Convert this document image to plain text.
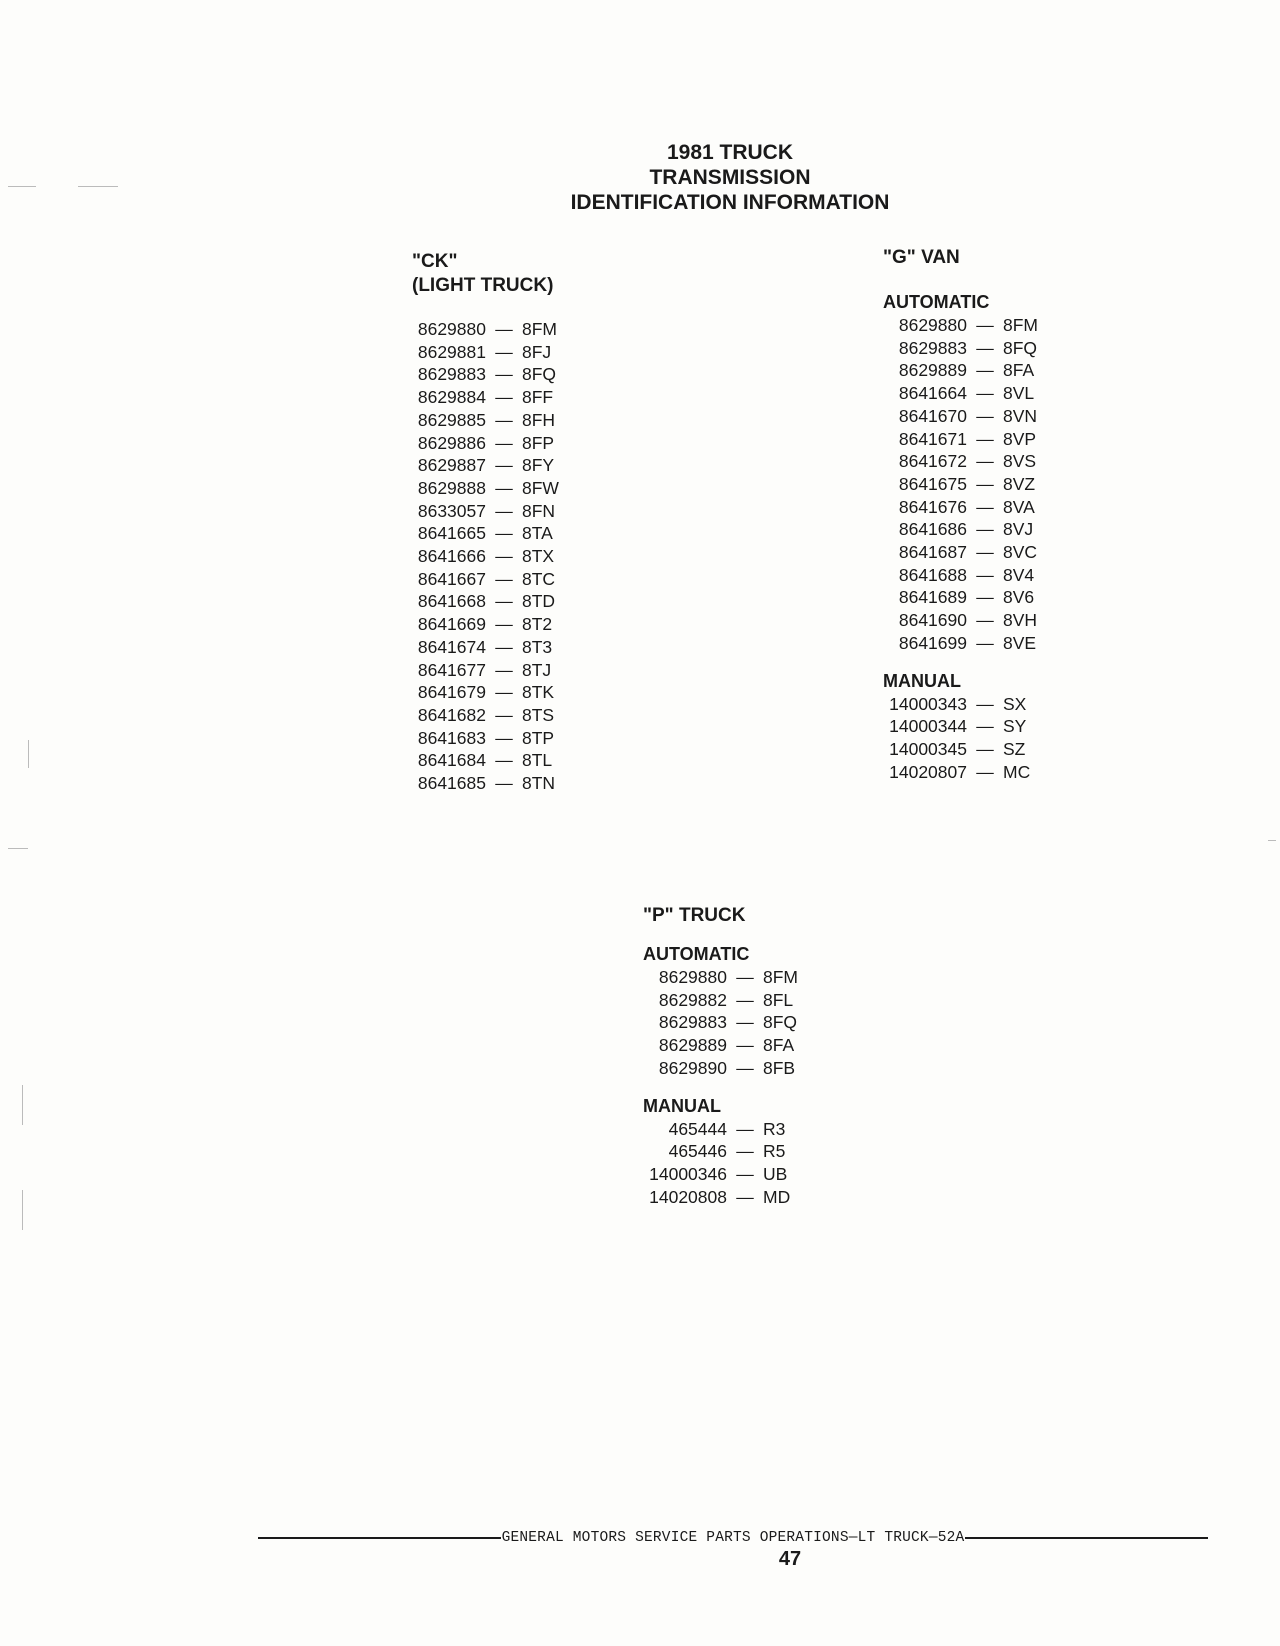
1981 TRUCK
TRANSMISSION
IDENTIFICATION INFORMATION
"CK"
(LIGHT TRUCK)
8629880 — 8FM
8629881 — 8FJ
8629883 — 8FQ
8629884 — 8FF
8629885 — 8FH
8629886 — 8FP
8629887 — 8FY
8629888 — 8FW
8633057 — 8FN
8641665 — 8TA
8641666 — 8TX
8641667 — 8TC
8641668 — 8TD
8641669 — 8T2
8641674 — 8T3
8641677 — 8TJ
8641679 — 8TK
8641682 — 8TS
8641683 — 8TP
8641684 — 8TL
8641685 — 8TN
"G" VAN
AUTOMATIC
8629880 — 8FM
8629883 — 8FQ
8629889 — 8FA
8641664 — 8VL
8641670 — 8VN
8641671 — 8VP
8641672 — 8VS
8641675 — 8VZ
8641676 — 8VA
8641686 — 8VJ
8641687 — 8VC
8641688 — 8V4
8641689 — 8V6
8641690 — 8VH
8641699 — 8VE
MANUAL
14000343 — SX
14000344 — SY
14000345 — SZ
14020807 — MC
"P" TRUCK
AUTOMATIC
8629880 — 8FM
8629882 — 8FL
8629883 — 8FQ
8629889 — 8FA
8629890 — 8FB
MANUAL
465444 — R3
465446 — R5
14000346 — UB
14020808 — MD
GENERAL MOTORS SERVICE PARTS OPERATIONS—LT TRUCK—52A
47
